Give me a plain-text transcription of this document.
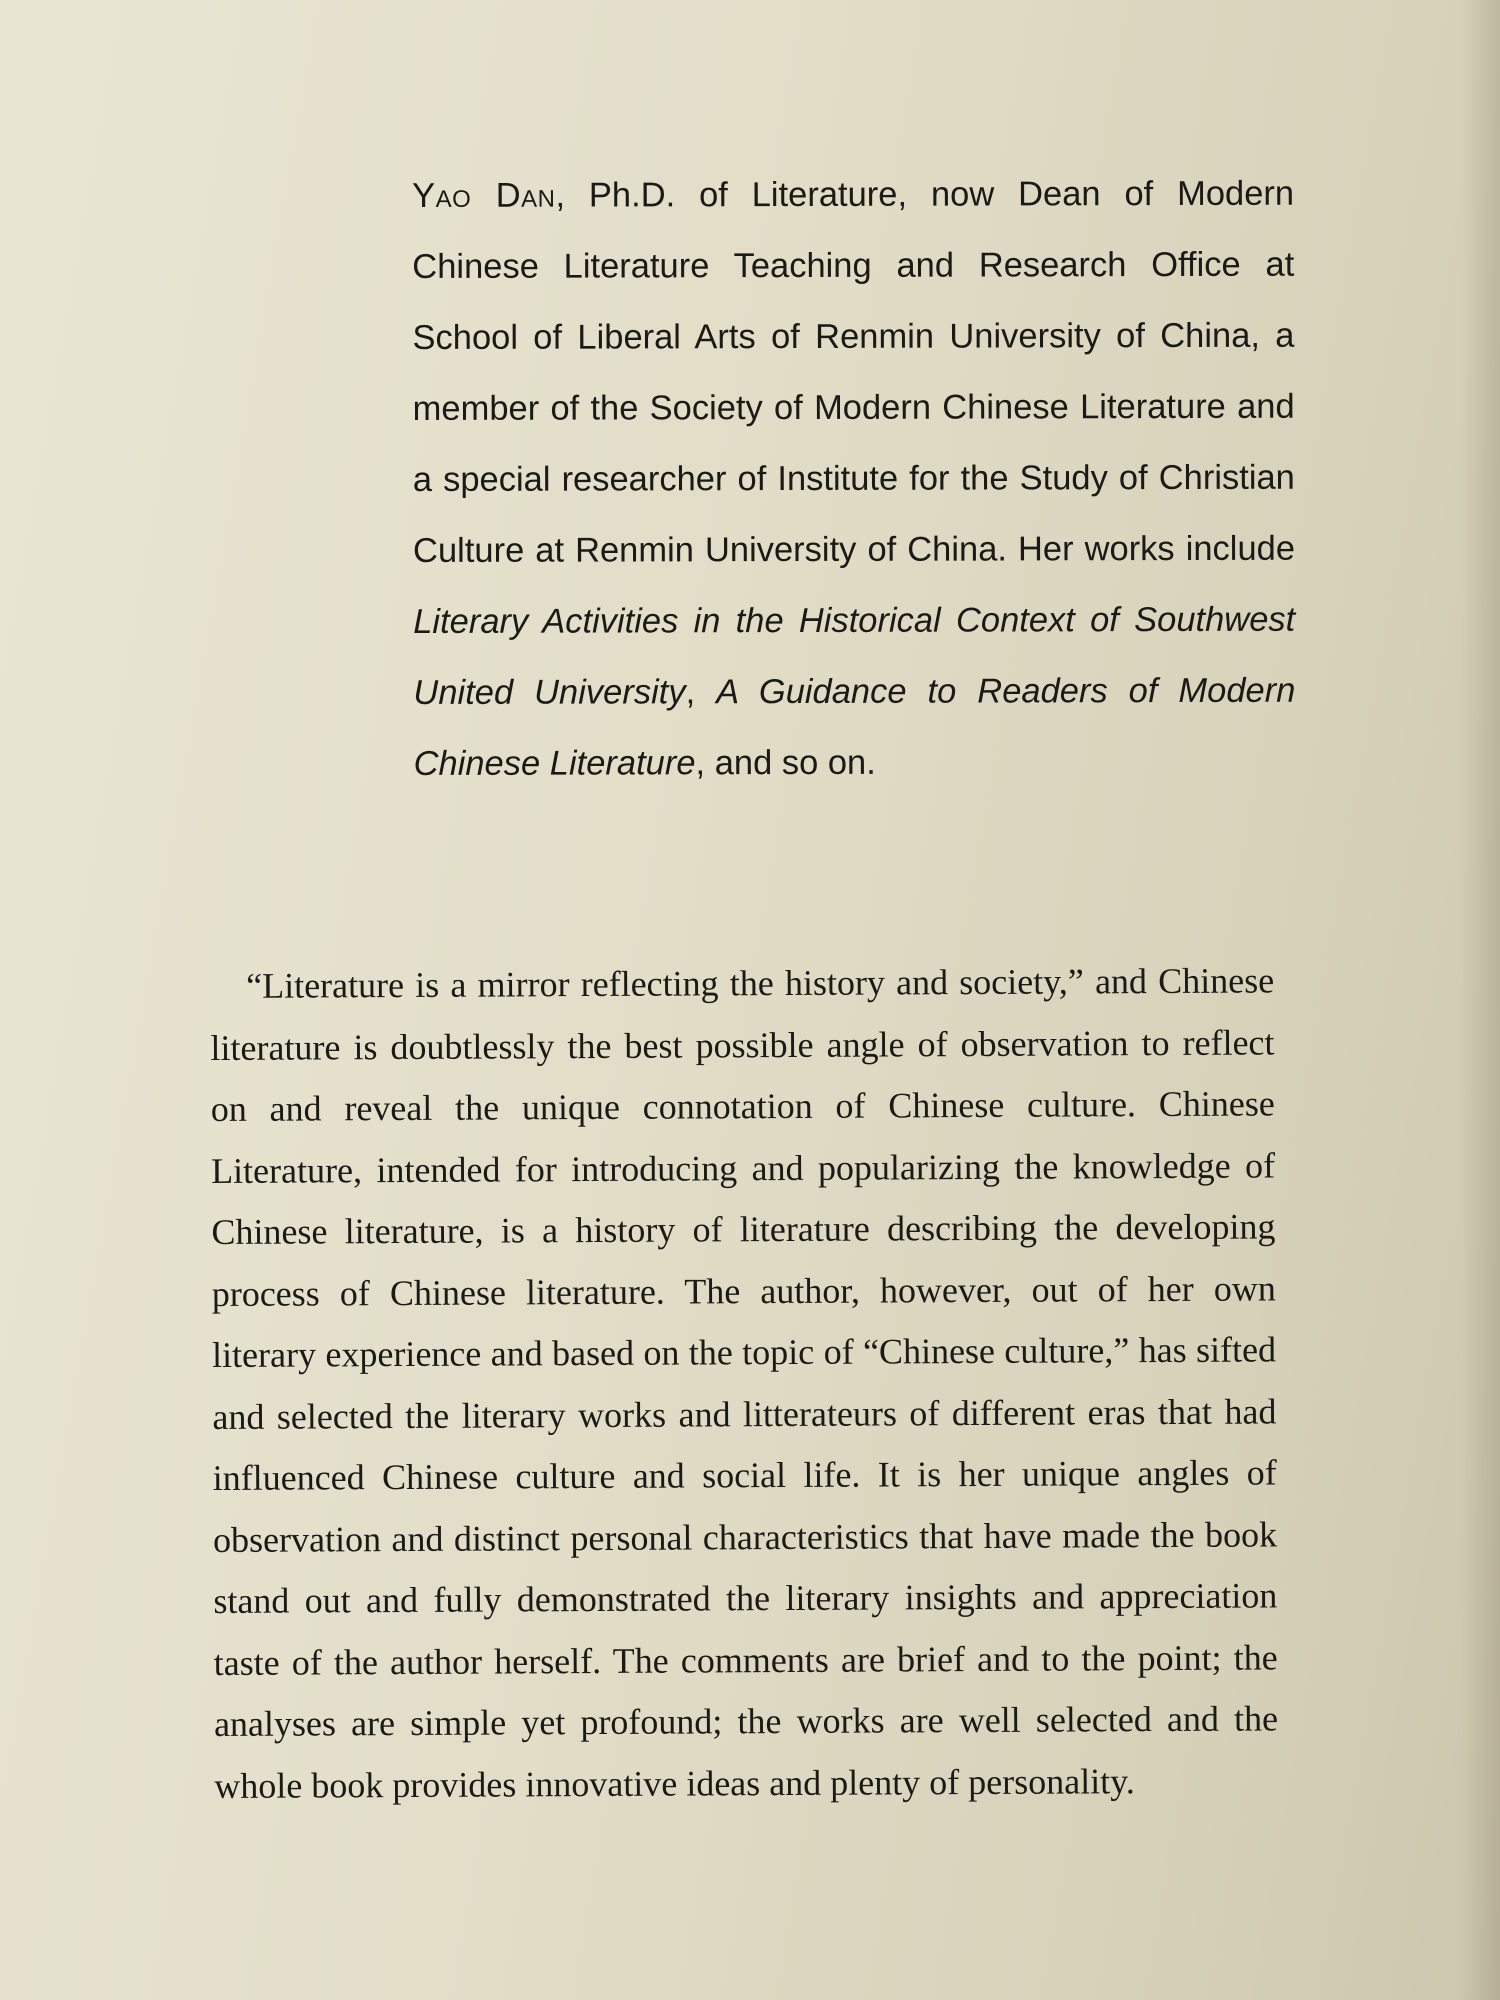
Yao Dan, Ph.D. of Literature, now Dean of Modern Chinese Literature Teaching and Research Office at School of Liberal Arts of Renmin University of China, a member of the Society of Modern Chinese Literature and a special researcher of Institute for the Study of Christian Culture at Renmin University of China. Her works include Literary Activities in the Historical Context of Southwest United University, A Guidance to Readers of Modern Chinese Literature, and so on.

“Literature is a mirror reflecting the history and society,” and Chinese literature is doubtlessly the best possible angle of observation to reflect on and reveal the unique connotation of Chinese culture. Chinese Literature, intended for introducing and popularizing the knowledge of Chinese literature, is a history of literature describing the developing process of Chinese literature. The author, however, out of her own literary experience and based on the topic of “Chinese culture,” has sifted and selected the literary works and litterateurs of different eras that had influenced Chinese culture and social life. It is her unique angles of observation and distinct personal characteristics that have made the book stand out and fully demonstrated the literary insights and appreciation taste of the author herself. The comments are brief and to the point; the analyses are simple yet profound; the works are well selected and the whole book provides innovative ideas and plenty of personality.
